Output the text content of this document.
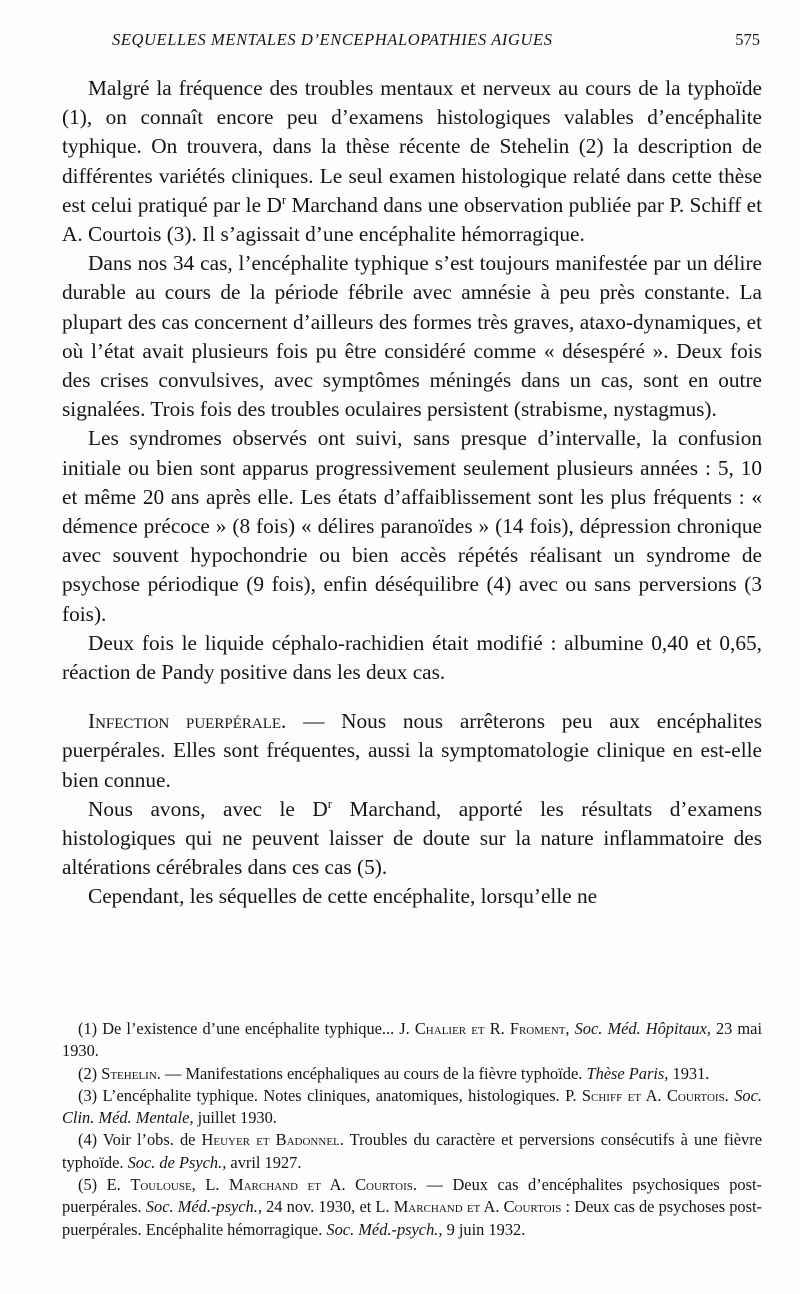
SEQUELLES MENTALES D’ENCEPHALOPATHIES AIGUES	575

Malgré la fréquence des troubles mentaux et nerveux au cours de la typhoïde (1), on connaît encore peu d’examens histologiques valables d’encéphalite typhique. On trouvera, dans la thèse récente de Stehelin (2) la description de différentes variétés cliniques. Le seul examen histologique relaté dans cette thèse est celui pratiqué par le $D^r$ Marchand dans une observation publiée par P. Schiff et A. Courtois (3). Il s’agissait d’une encéphalite hémorragique.

Dans nos 34 cas, l’encéphalite typhique s’est toujours manifestée par un délire durable au cours de la période fébrile avec amnésie à peu près constante. La plupart des cas concernent d’ailleurs des formes très graves, ataxo-dynamiques, et où l’état avait plusieurs fois pu être considéré comme « désespéré ». Deux fois des crises convulsives, avec symptômes méningés dans un cas, sont en outre signalées. Trois fois des troubles oculaires persistent (strabisme, nystagmus).

Les syndromes observés ont suivi, sans presque d’intervalle, la confusion initiale ou bien sont apparus progressivement seulement plusieurs années : 5, 10 et même 20 ans après elle. Les états d’affaiblissement sont les plus fréquents : « démence précoce » (8 fois) « délires paranoïdes » (14 fois), dépression chronique avec souvent hypochondrie ou bien accès répétés réalisant un syndrome de psychose périodique (9 fois), enfin déséquilibre (4) avec ou sans perversions (3 fois).

Deux fois le liquide céphalo-rachidien était modifié : albumine 0,40 et 0,65, réaction de Pandy positive dans les deux cas.

Infection puerpérale. — Nous nous arrêterons peu aux encéphalites puerpérales. Elles sont fréquentes, aussi la symptomatologie clinique en est-elle bien connue.

Nous avons, avec le $D^r$ Marchand, apporté les résultats d’examens histologiques qui ne peuvent laisser de doute sur la nature inflammatoire des altérations cérébrales dans ces cas (5).

Cependant, les séquelles de cette encéphalite, lorsqu’elle ne

(1) De l’existence d’une encéphalite typhique... J. Chalier et R. Froment, Soc. Méd. Hôpitaux, 23 mai 1930.

(2) Stehelin. — Manifestations encéphaliques au cours de la fièvre typhoïde. Thèse Paris, 1931.

(3) L’encéphalite typhique. Notes cliniques, anatomiques, histologiques. P. Schiff et A. Courtois. Soc. Clin. Méd. Mentale, juillet 1930.

(4) Voir l’obs. de Heuyer et Badonnel. Troubles du caractère et perversions consécutifs à une fièvre typhoïde. Soc. de Psych., avril 1927.

(5) E. Toulouse, L. Marchand et A. Courtois. — Deux cas d’encéphalites psychosiques post-puerpérales. Soc. Méd.-psych., 24 nov. 1930, et L. Marchand et A. Courtois : Deux cas de psychoses post-puerpérales. Encéphalite hémorragique. Soc. Méd.-psych., 9 juin 1932.
